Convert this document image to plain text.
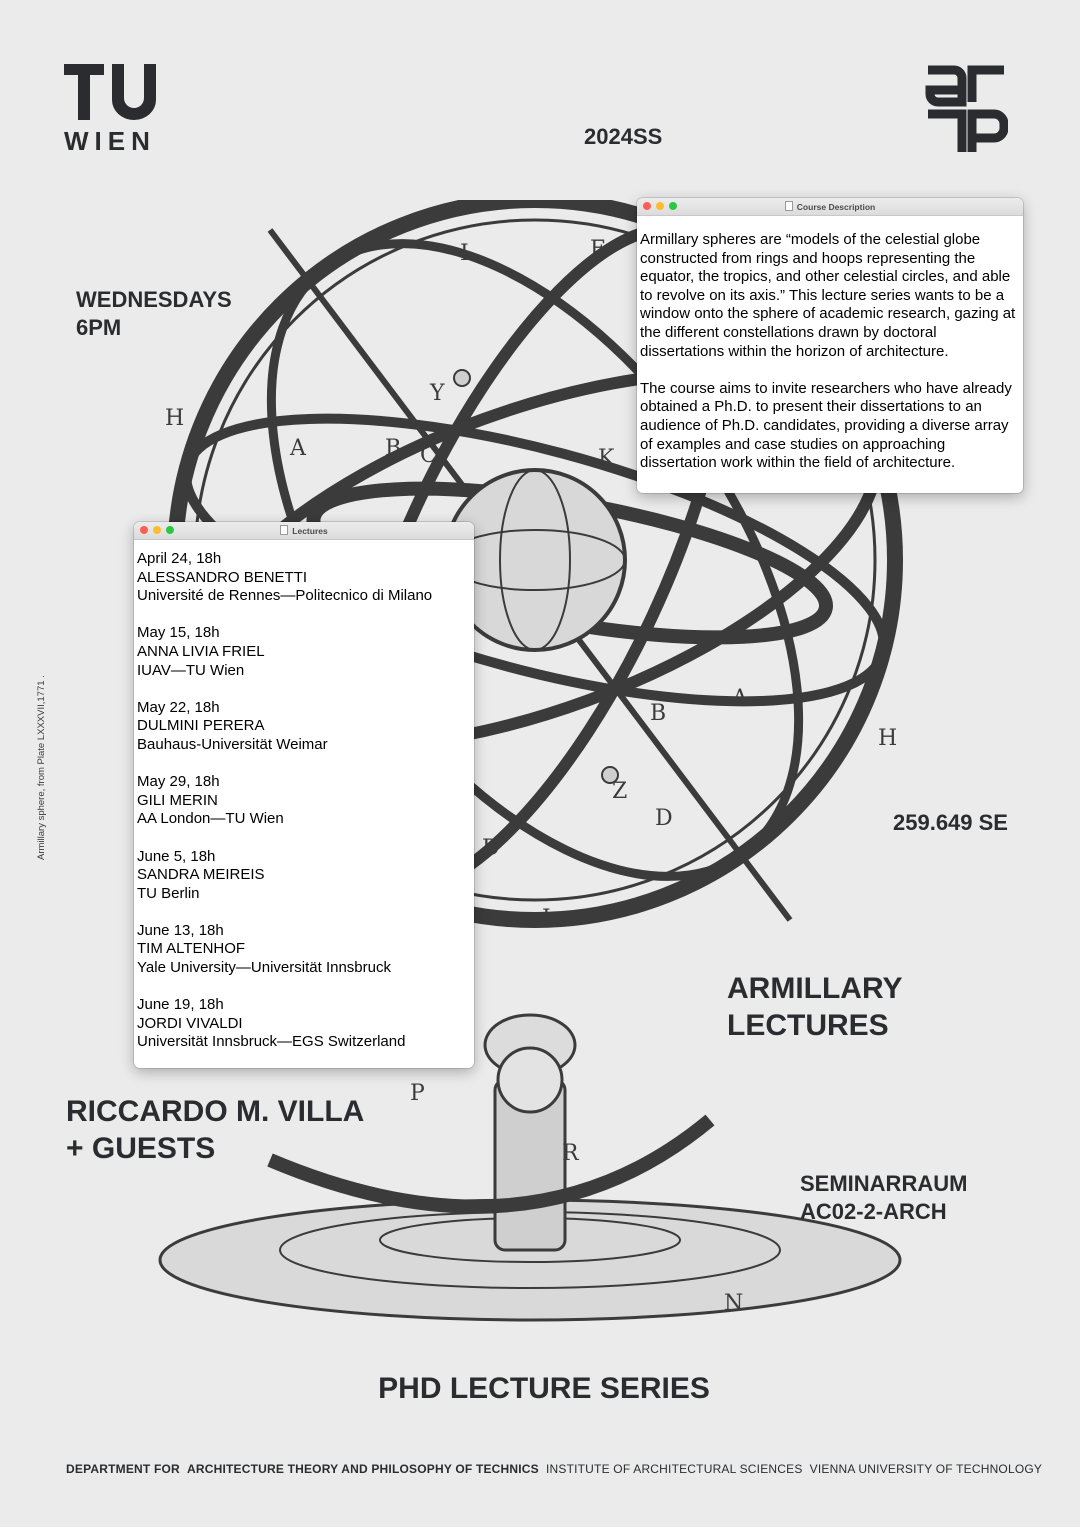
L	E
H
A	B C
Y
K
B
A
H
Z
D
D
L
P
R
N
WIEN	2024SS
WEDNESDAYS
6PM
259.649 SE
ARMILLARY
LECTURES
RICCARDO M. VILLA
+ GUESTS
SEMINARRAUM
AC02-2-ARCH
PHD LECTURE SERIES
Armillary sphere, from Plate LXXXVII,1771 .
DEPARTMENT FOR ARCHITECTURE THEORY AND PHILOSOPHY OF TECHNICS INSTITUTE OF ARCHITECTURAL SCIENCES VIENNA UNIVERSITY OF TECHNOLOGY
Course Description

Armillary spheres are “models of the celestial globe constructed from rings and hoops representing the equator, the tropics, and other celestial circles, and able to revolve on its axis.” This lecture series wants to be a window onto the sphere of academic research, gazing at the different constellations drawn by doctoral dissertations within the horizon of architecture.

The course aims to invite researchers who have already obtained a Ph.D. to present their dissertations to an audience of Ph.D. candidates, providing a diverse array of examples and case studies on approaching dissertation work within the field of architecture.

Lectures
April 24, 18h
ALESSANDRO BENETTI
Université de Rennes—Politecnico di Milano
May 15, 18h
ANNA LIVIA FRIEL
IUAV—TU Wien
May 22, 18h
DULMINI PERERA
Bauhaus-Universität Weimar
May 29, 18h
GILI MERIN
AA London—TU Wien
June 5, 18h
SANDRA MEIREIS
TU Berlin
June 13, 18h
TIM ALTENHOF
Yale University—Universität Innsbruck
June 19, 18h
JORDI VIVALDI
Universität Innsbruck—EGS Switzerland
